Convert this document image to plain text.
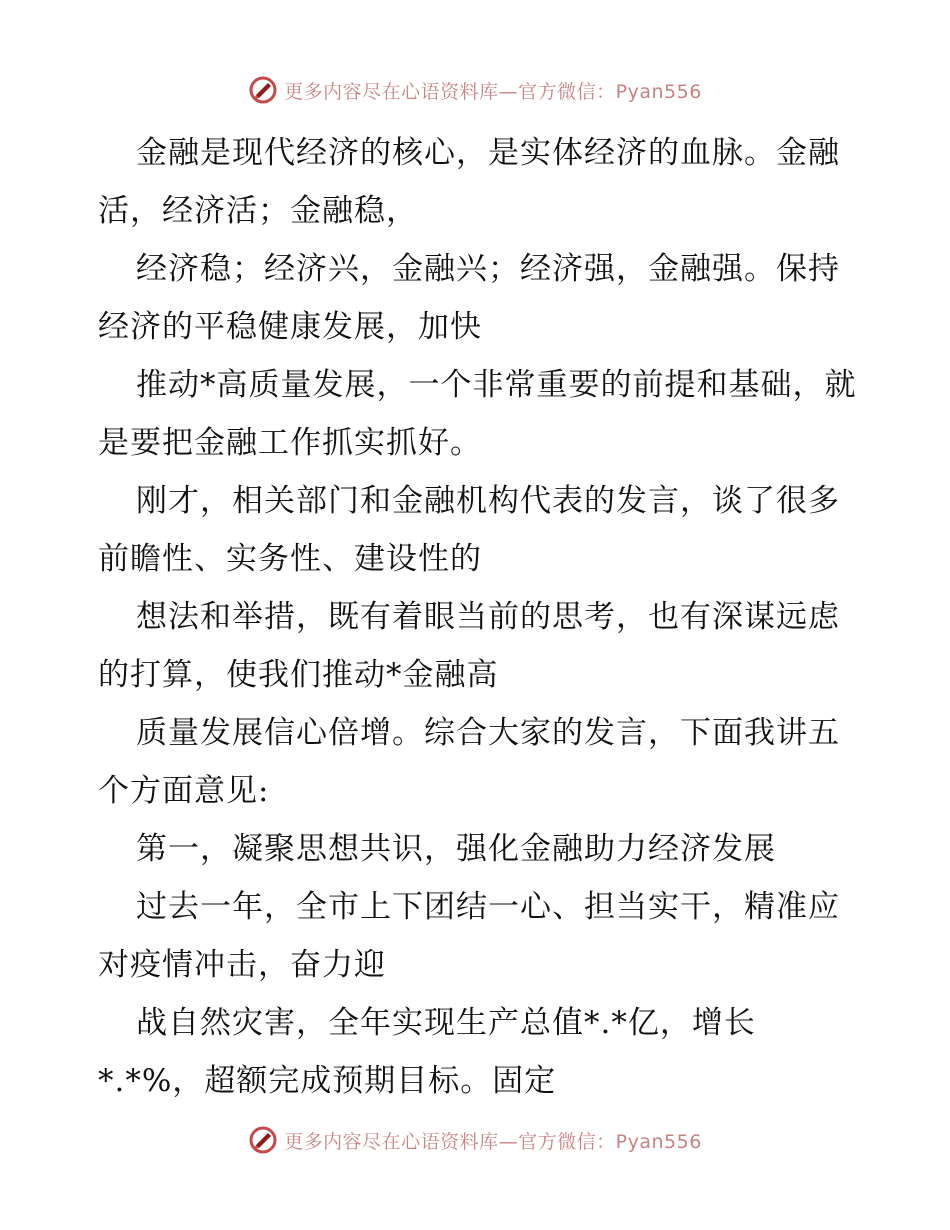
更多内容尽在心语资料库—官方微信：Pyan556

金融是现代经济的核心，是实体经济的血脉。金融活，经济活；金融稳，

经济稳；经济兴，金融兴；经济强，金融强。保持经济的平稳健康发展，加快

推动*高质量发展，一个非常重要的前提和基础，就是要把金融工作抓实抓好。

刚才，相关部门和金融机构代表的发言，谈了很多前瞻性、实务性、建设性的

想法和举措，既有着眼当前的思考，也有深谋远虑的打算，使我们推动*金融高

质量发展信心倍增。综合大家的发言，下面我讲五个方面意见:

第一，凝聚思想共识，强化金融助力经济发展

过去一年，全市上下团结一心、担当实干，精准应对疫情冲击，奋力迎

战自然灾害，全年实现生产总值*.*亿，增长*.*%，超额完成预期目标。固定

更多内容尽在心语资料库—官方微信：Pyan556
